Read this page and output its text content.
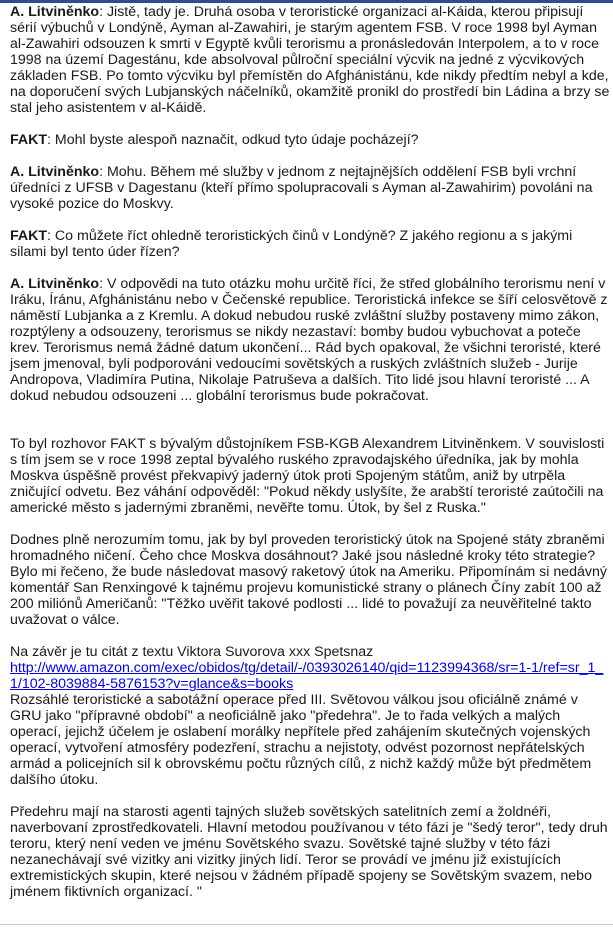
A. Litviněnko: Jistě, tady je. Druhá osoba v teroristické organizaci al-Káida, kterou připisují sérií výbuchů v Londýně, Ayman al-Zawahiri, je starým agentem FSB. V roce 1998 byl Ayman al-Zawahiri odsouzen k smrti v Egyptě kvůli terorismu a pronásledován Interpolem, a to v roce 1998 na území Dagestánu, kde absolvoval půlroční speciální výcvik na jedné z výcvikových základen FSB. Po tomto výcviku byl přemístěn do Afghánistánu, kde nikdy předtím nebyl a kde, na doporučení svých Lubjanských náčelníků, okamžitě pronikl do prostředí bin Ládina a brzy se stal jeho asistentem v al-Káidě.

FAKT: Mohl byste alespoň naznačit, odkud tyto údaje pocházejí?

A. Litviněnko: Mohu. Během mé služby v jednom z nejtajnějších oddělení FSB byli vrchní úředníci z UFSB v Dagestanu (kteří přímo spolupracovali s Ayman al-Zawahirim) povoláni na vysoké pozice do Moskvy.

FAKT: Co můžete říct ohledně teroristických činů v Londýně? Z jakého regionu a s jakými silami byl tento úder řízen?

A. Litviněnko: V odpovědi na tuto otázku mohu určitě říci, že střed globálního terorismu není v Iráku, Íránu, Afghánistánu nebo v Čečenské republice. Teroristická infekce se šíří celosvětově z náměstí Lubjanka a z Kremlu. A dokud nebudou ruské zvláštní služby postaveny mimo zákon, rozptýleny a odsouzeny, terorismus se nikdy nezastaví: bomby budou vybuchovat a poteče krev. Terorismus nemá žádné datum ukončení... Rád bych opakoval, že všichni teroristé, které jsem jmenoval, byli podporováni vedoucími sovětských a ruských zvláštních služeb - Jurije Andropova, Vladimíra Putina, Nikolaje Patruševa a dalších. Tito lidé jsou hlavní teroristé ... A dokud nebudou odsouzeni ... globální terorismus bude pokračovat.

To byl rozhovor FAKT s bývalým důstojníkem FSB-KGB Alexandrem Litviněnkem. V souvislosti s tím jsem se v roce 1998 zeptal bývalého ruského zpravodajského úředníka, jak by mohla Moskva úspěšně provést překvapivý jaderný útok proti Spojeným státům, aniž by utrpěla zničující odvetu. Bez váhání odpověděl: "Pokud někdy uslyšíte, že arabští teroristé zaútočili na americké město s jadernými zbraněmi, nevěřte tomu. Útok, by šel z Ruska."

Dodnes plně nerozumím tomu, jak by byl proveden teroristický útok na Spojené státy zbraněmi hromadného ničení. Čeho chce Moskva dosáhnout? Jaké jsou následné kroky této strategie? Bylo mi řečeno, že bude následovat masový raketový útok na Ameriku. Připomínám si nedávný komentář San Renxingové k tajnému projevu komunistické strany o plánech Číny zabít 100 až 200 miliónů Američanů: "Těžko uvěřit takové podlosti ... lidé to považují za neuvěřitelné takto uvažovat o válce.

Na závěr je tu citát z textu Viktora Suvorova xxx Spetsnaz

http://www.amazon.com/exec/obidos/tg/detail/-/0393026140/qid=1123994368/sr=1-1/ref=sr_1_1/102-8039884-5876153?v=glance&s=books

Rozsáhlé teroristické a sabotážní operace před III. Světovou válkou jsou oficiálně známé v GRU jako "přípravné období" a neoficiálně jako "předehra". Je to řada velkých a malých operací, jejichž účelem je oslabení morálky nepřítele před zahájením skutečných vojenských operací, vytvoření atmosféry podezření, strachu a nejistoty, odvést pozornost nepřátelských armád a policejních sil k obrovskému počtu různých cílů, z nichž každý může být předmětem dalšího útoku.

Předehru mají na starosti agenti tajných služeb sovětských satelitních zemí a žoldnéři, naverbovaní zprostředkovateli. Hlavní metodou používanou v této fázi je "šedý teror", tedy druh teroru, který není veden ve jménu Sovětského svazu. Sovětské tajné služby v této fázi nezanechávají své vizitky ani vizitky jiných lidí. Teror se provádí ve jménu již existujících extremistických skupin, které nejsou v žádném případě spojeny se Sovětským svazem, nebo jménem fiktivních organizací. "
